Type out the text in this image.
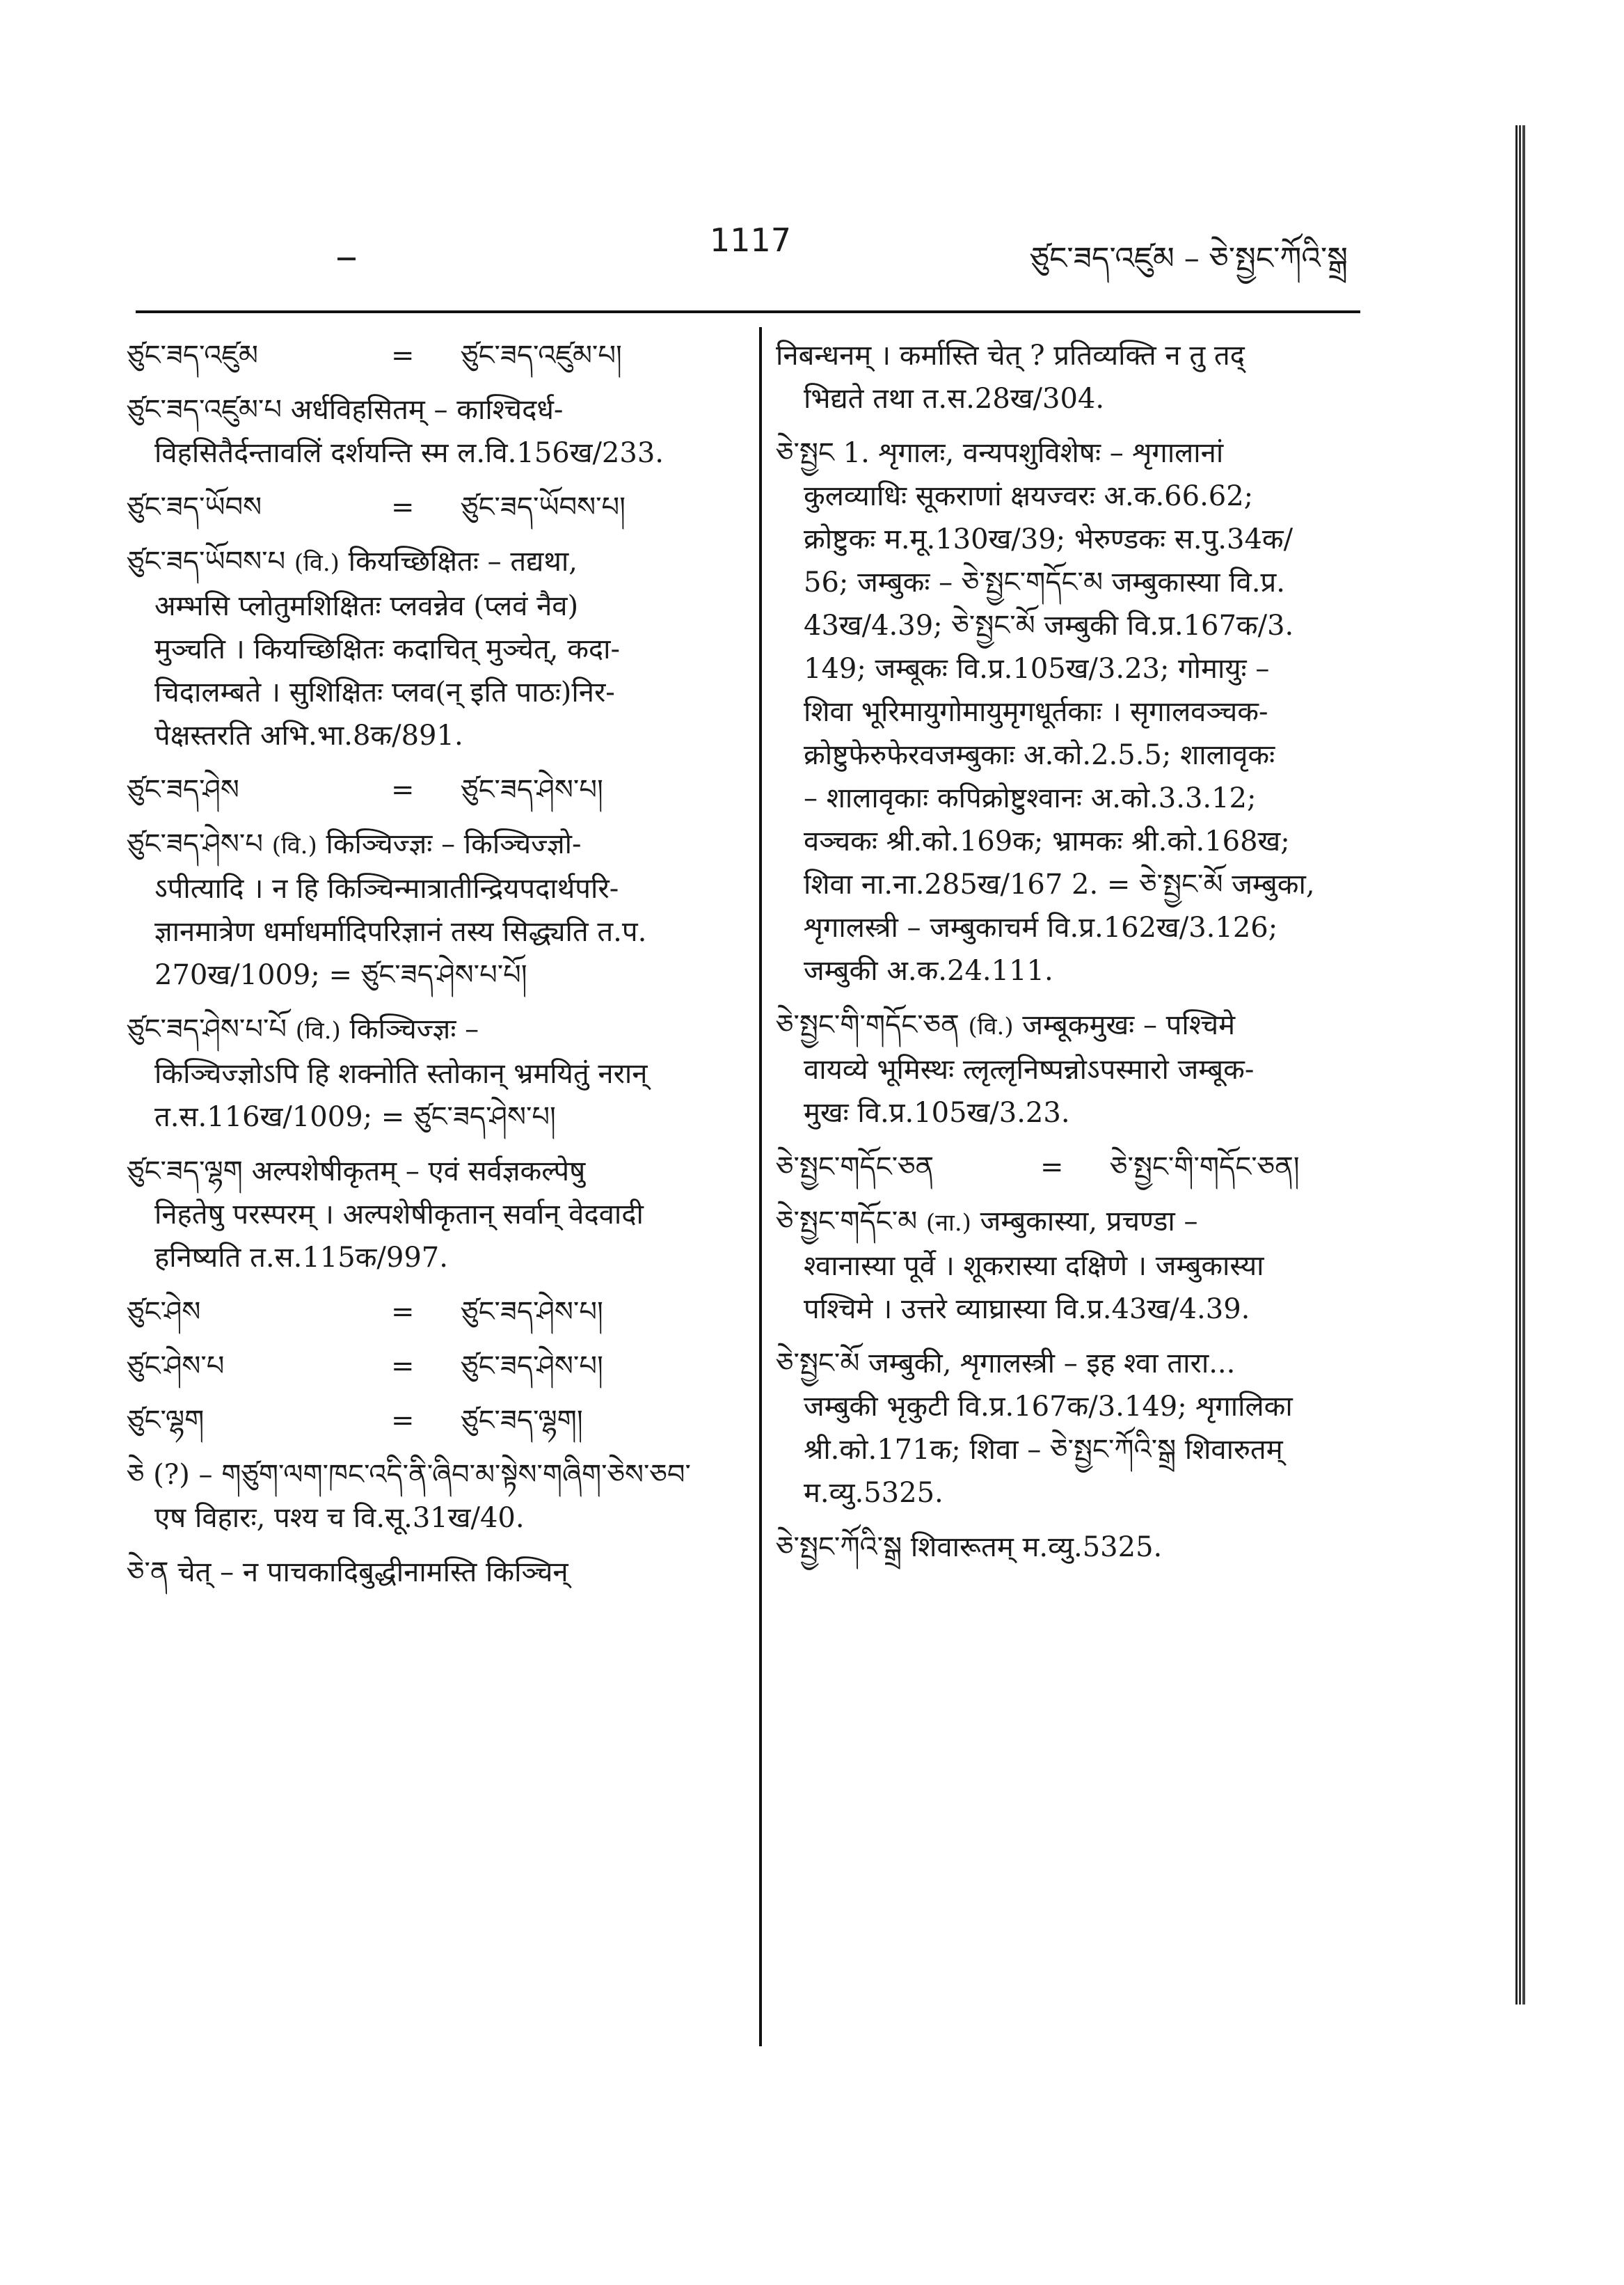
1117	ཙུང་ཟད་འཛུམ – ཅེ་སྤྱང་ཀོའི་སྒྲ
ཙུང་ཟད་འཛུམ	=	ཙུང་ཟད་འཛུམ་པ།
ཙུང་ཟད་འཛུམ་པ अर्धविहसितम् – काश्चिदर्ध-
विहसितैर्दन्तावलिं दर्शयन्ति स्म ल.वि.156ख/233.
ཙུང་ཟད་ཡོབས	=	ཙུང་ཟད་ཡོབས་པ།
ཙུང་ཟད་ཡོབས་པ (वि.) कियच्छिक्षितः – तद्यथा,
अम्भसि प्लोतुमशिक्षितः प्लवन्नेव (प्लवं नैव)
मुञ्चति । कियच्छिक्षितः कदाचित् मुञ्चेत्, कदा-
चिदालम्बते । सुशिक्षितः प्लव(न् इति पाठः)निर-
पेक्षस्तरति अभि.भा.8क/891.
ཙུང་ཟད་ཤེས	=	ཙུང་ཟད་ཤེས་པ།
ཙུང་ཟད་ཤེས་པ (वि.) किञ्चिज्ज्ञः – किञ्चिज्ज्ञो-
ऽपीत्यादि । न हि किञ्चिन्मात्रातीन्द्रियपदार्थपरि-
ज्ञानमात्रेण धर्माधर्मादिपरिज्ञानं तस्य सिद्ध्यति त.प.
270ख/1009; = ཙུང་ཟད་ཤེས་པ་པོ།
ཙུང་ཟད་ཤེས་པ་པོ (वि.) किञ्चिज्ज्ञः –
किञ्चिज्ज्ञोऽपि हि शक्नोति स्तोकान् भ्रमयितुं नरान्
त.स.116ख/1009; = ཙུང་ཟད་ཤེས་པ།
ཙུང་ཟད་ལྷག अल्पशेषीकृतम् – एवं सर्वज्ञकल्पेषु
निहतेषु परस्परम् । अल्पशेषीकृतान् सर्वान् वेदवादी
हनिष्यति त.स.115क/997.
ཙུང་ཤེས	=	ཙུང་ཟད་ཤེས་པ།
ཙུང་ཤེས་པ	=	ཙུང་ཟད་ཤེས་པ།
ཙུང་ལྷག	=	ཙུང་ཟད་ལྷག།
ཅེ (?) – གཙུག་ལག་ཁང་འདི་ནི་ཞིབ་མ་སྟེས་གཞིག་ཅེས་ཅབ་
एष विहारः, पश्य च वि.सू.31ख/40.
ཅེ་ན चेत् – न पाचकादिबुद्धीनामस्ति किञ्चिन्
निबन्धनम् । कर्मास्ति चेत् ? प्रतिव्यक्ति न तु तद्
भिद्यते तथा त.स.28ख/304.
ཅེ་སྤྱང 1. शृगालः, वन्यपशुविशेषः – शृगालानां
कुलव्याधिः सूकराणां क्षयज्वरः अ.क.66.62;
क्रोष्टुकः म.मू.130ख/39; भेरुण्डकः स.पु.34क/
56; जम्बुकः – ཅེ་སྤྱང་གདོང་མ जम्बुकास्या वि.प्र.
43ख/4.39; ཅེ་སྤྱང་མོ जम्बुकी वि.प्र.167क/3.
149; जम्बूकः वि.प्र.105ख/3.23; गोमायुः –
शिवा भूरिमायुगोमायुमृगधूर्तकाः । सृगालवञ्चक-
क्रोष्टुफेरुफेरवजम्बुकाः अ.को.2.5.5; शालावृकः
– शालावृकाः कपिक्रोष्टुश्वानः अ.को.3.3.12;
वञ्चकः श्री.को.169क; भ्रामकः श्री.को.168ख;
शिवा ना.ना.285ख/167 2. = ཅེ་སྤྱང་མོ जम्बुका,
शृगालस्त्री – जम्बुकाचर्म वि.प्र.162ख/3.126;
जम्बुकी अ.क.24.111.
ཅེ་སྤྱང་གི་གདོང་ཅན (वि.) जम्बूकमुखः – पश्चिमे
वायव्ये भूमिस्थः त्लृत्लृनिष्पन्नोऽपस्मारो जम्बूक-
मुखः वि.प्र.105ख/3.23.
ཅེ་སྤྱང་གདོང་ཅན	=	ཅེ་སྤྱང་གི་གདོང་ཅན།
ཅེ་སྤྱང་གདོང་མ (ना.) जम्बुकास्या, प्रचण्डा –
श्वानास्या पूर्वे । शूकरास्या दक्षिणे । जम्बुकास्या
पश्चिमे । उत्तरे व्याघ्रास्या वि.प्र.43ख/4.39.
ཅེ་སྤྱང་མོ जम्बुकी, शृगालस्त्री – इह श्वा तारा...
जम्बुकी भृकुटी वि.प्र.167क/3.149; शृगालिका
श्री.को.171क; शिवा – ཅེ་སྤྱང་ཀོའི་སྒྲ शिवारुतम्
म.व्यु.5325.
ཅེ་སྤྱང་ཀོའི་སྒྲ शिवारूतम् म.व्यु.5325.
